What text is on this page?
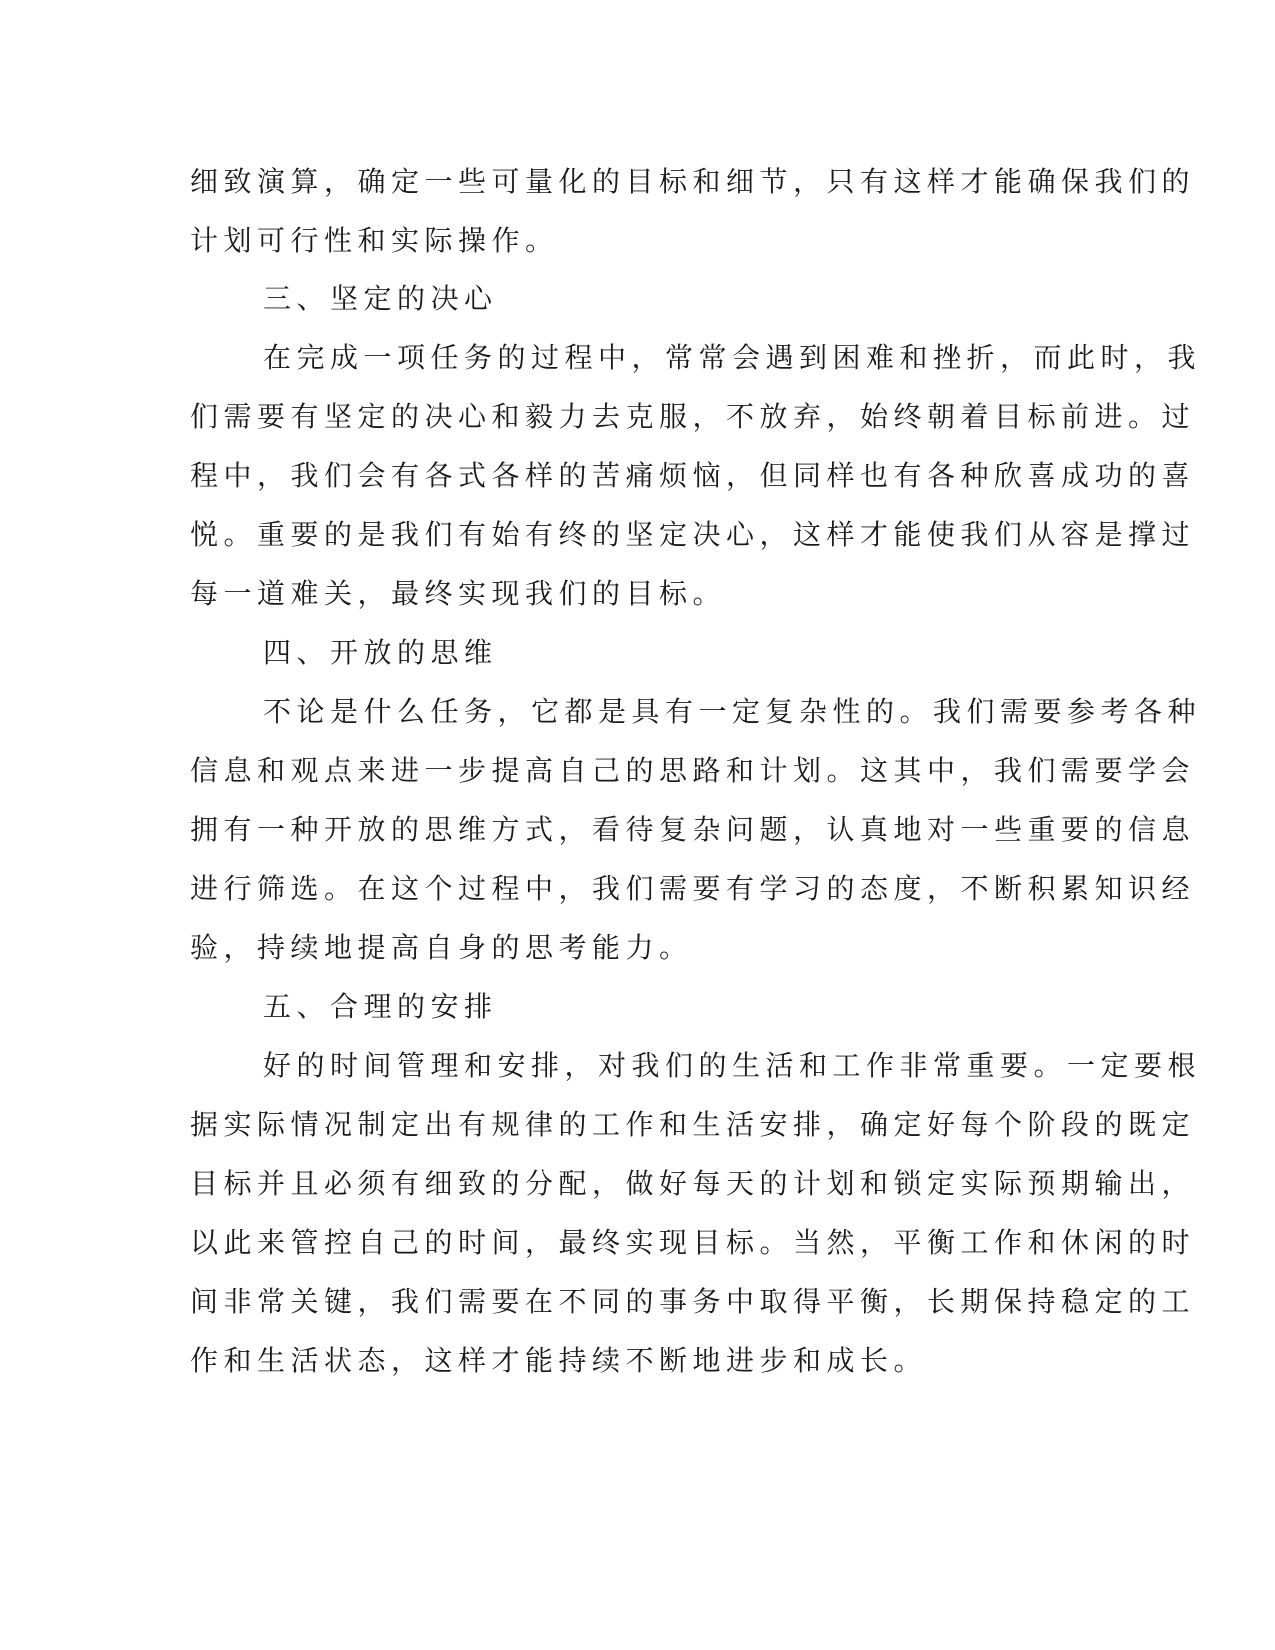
细致演算，确定一些可量化的目标和细节，只有这样才能确保我们的
计划可行性和实际操作。
三、坚定的决心
在完成一项任务的过程中，常常会遇到困难和挫折，而此时，我
们需要有坚定的决心和毅力去克服，不放弃，始终朝着目标前进。过
程中，我们会有各式各样的苦痛烦恼，但同样也有各种欣喜成功的喜
悦。重要的是我们有始有终的坚定决心，这样才能使我们从容是撑过
每一道难关，最终实现我们的目标。
四、开放的思维
不论是什么任务，它都是具有一定复杂性的。我们需要参考各种
信息和观点来进一步提高自己的思路和计划。这其中，我们需要学会
拥有一种开放的思维方式，看待复杂问题，认真地对一些重要的信息
进行筛选。在这个过程中，我们需要有学习的态度，不断积累知识经
验，持续地提高自身的思考能力。
五、合理的安排
好的时间管理和安排，对我们的生活和工作非常重要。一定要根
据实际情况制定出有规律的工作和生活安排，确定好每个阶段的既定
目标并且必须有细致的分配，做好每天的计划和锁定实际预期输出，
以此来管控自己的时间，最终实现目标。当然，平衡工作和休闲的时
间非常关键，我们需要在不同的事务中取得平衡，长期保持稳定的工
作和生活状态，这样才能持续不断地进步和成长。
